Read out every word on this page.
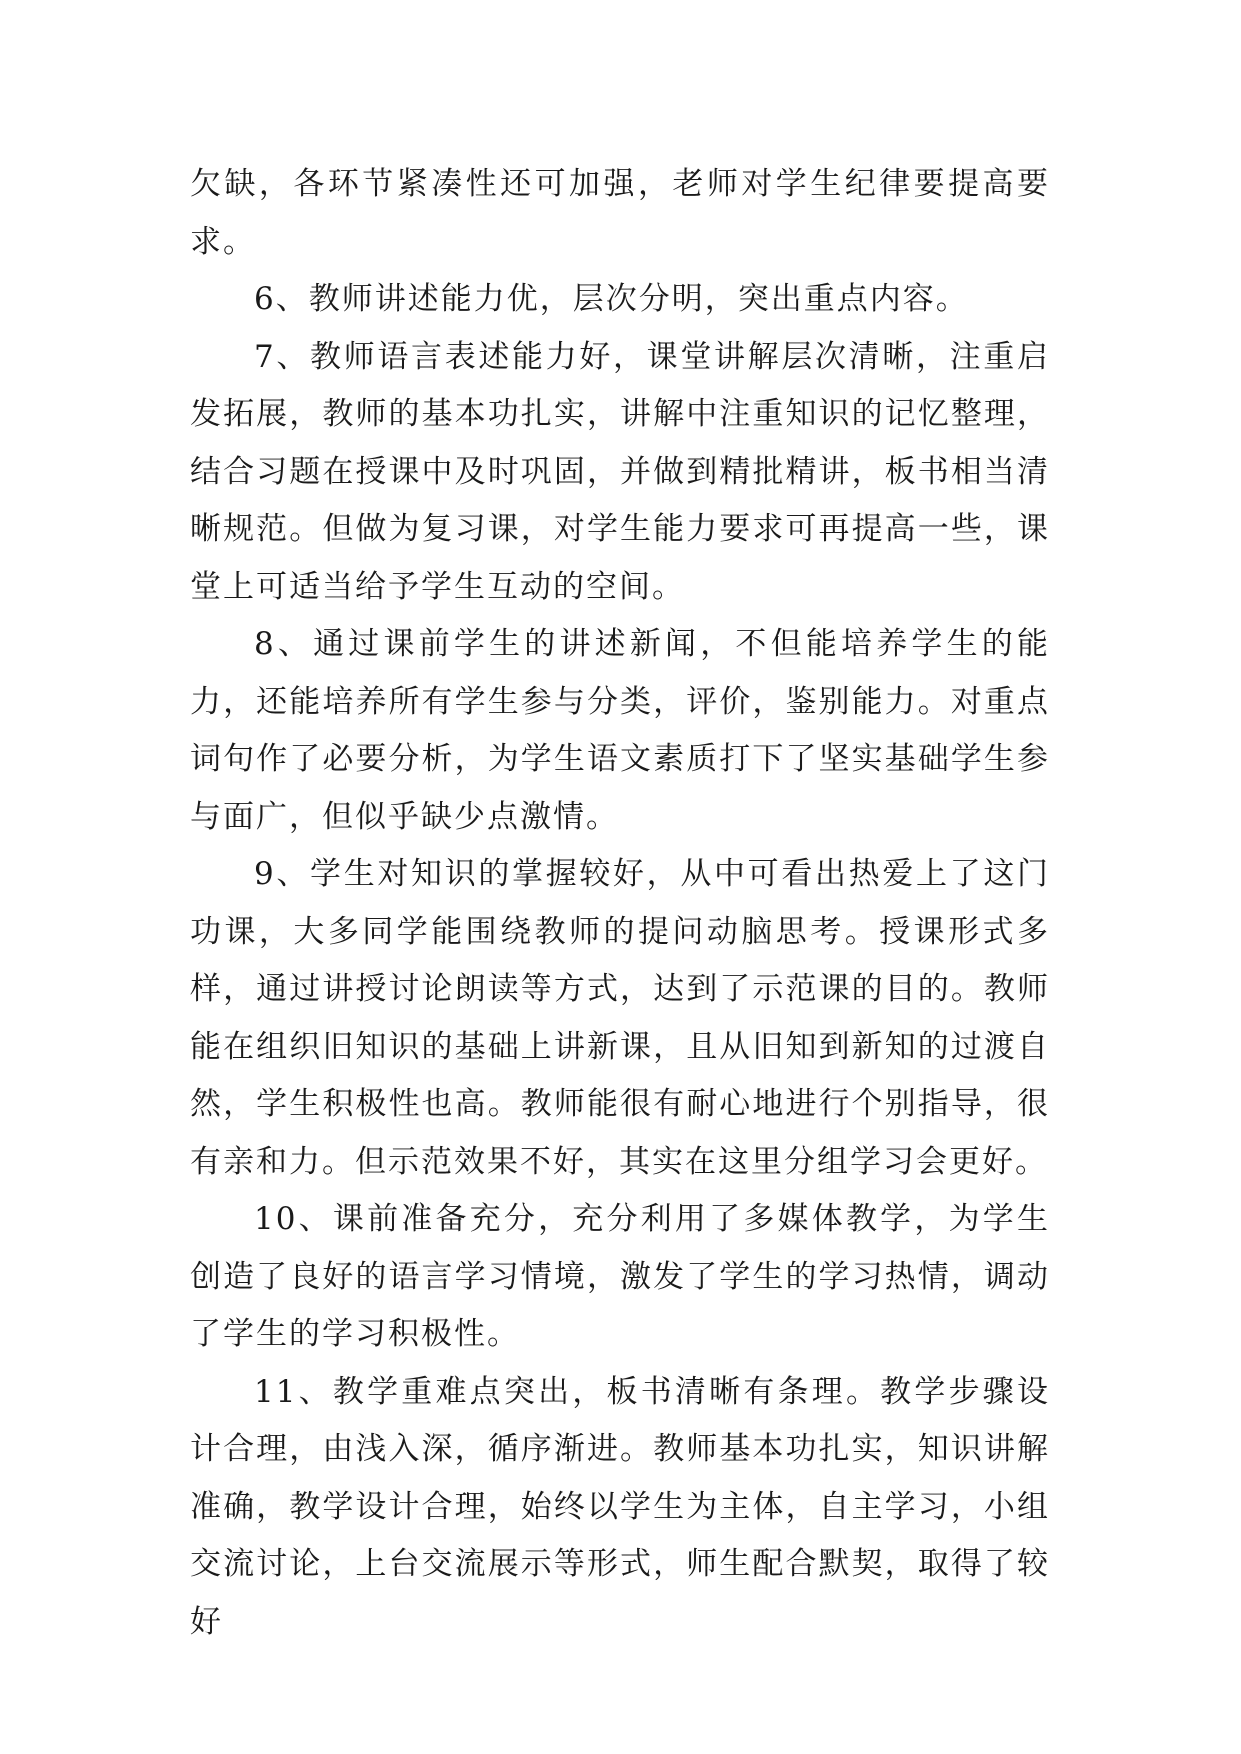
欠缺，各环节紧凑性还可加强，老师对学生纪律要提高要求。

6、教师讲述能力优，层次分明，突出重点内容。

7、教师语言表述能力好，课堂讲解层次清晰，注重启发拓展，教师的基本功扎实，讲解中注重知识的记忆整理，结合习题在授课中及时巩固，并做到精批精讲，板书相当清晰规范。但做为复习课，对学生能力要求可再提高一些，课堂上可适当给予学生互动的空间。

8、通过课前学生的讲述新闻，不但能培养学生的能力，还能培养所有学生参与分类，评价，鉴别能力。对重点词句作了必要分析，为学生语文素质打下了坚实基础学生参与面广，但似乎缺少点激情。

9、学生对知识的掌握较好，从中可看出热爱上了这门功课，大多同学能围绕教师的提问动脑思考。授课形式多样，通过讲授讨论朗读等方式，达到了示范课的目的。教师能在组织旧知识的基础上讲新课，且从旧知到新知的过渡自然，学生积极性也高。教师能很有耐心地进行个别指导，很有亲和力。但示范效果不好，其实在这里分组学习会更好。

10、课前准备充分，充分利用了多媒体教学，为学生创造了良好的语言学习情境，激发了学生的学习热情，调动了学生的学习积极性。

11、教学重难点突出，板书清晰有条理。教学步骤设计合理，由浅入深，循序渐进。教师基本功扎实，知识讲解准确，教学设计合理，始终以学生为主体，自主学习，小组交流讨论，上台交流展示等形式，师生配合默契，取得了较好
